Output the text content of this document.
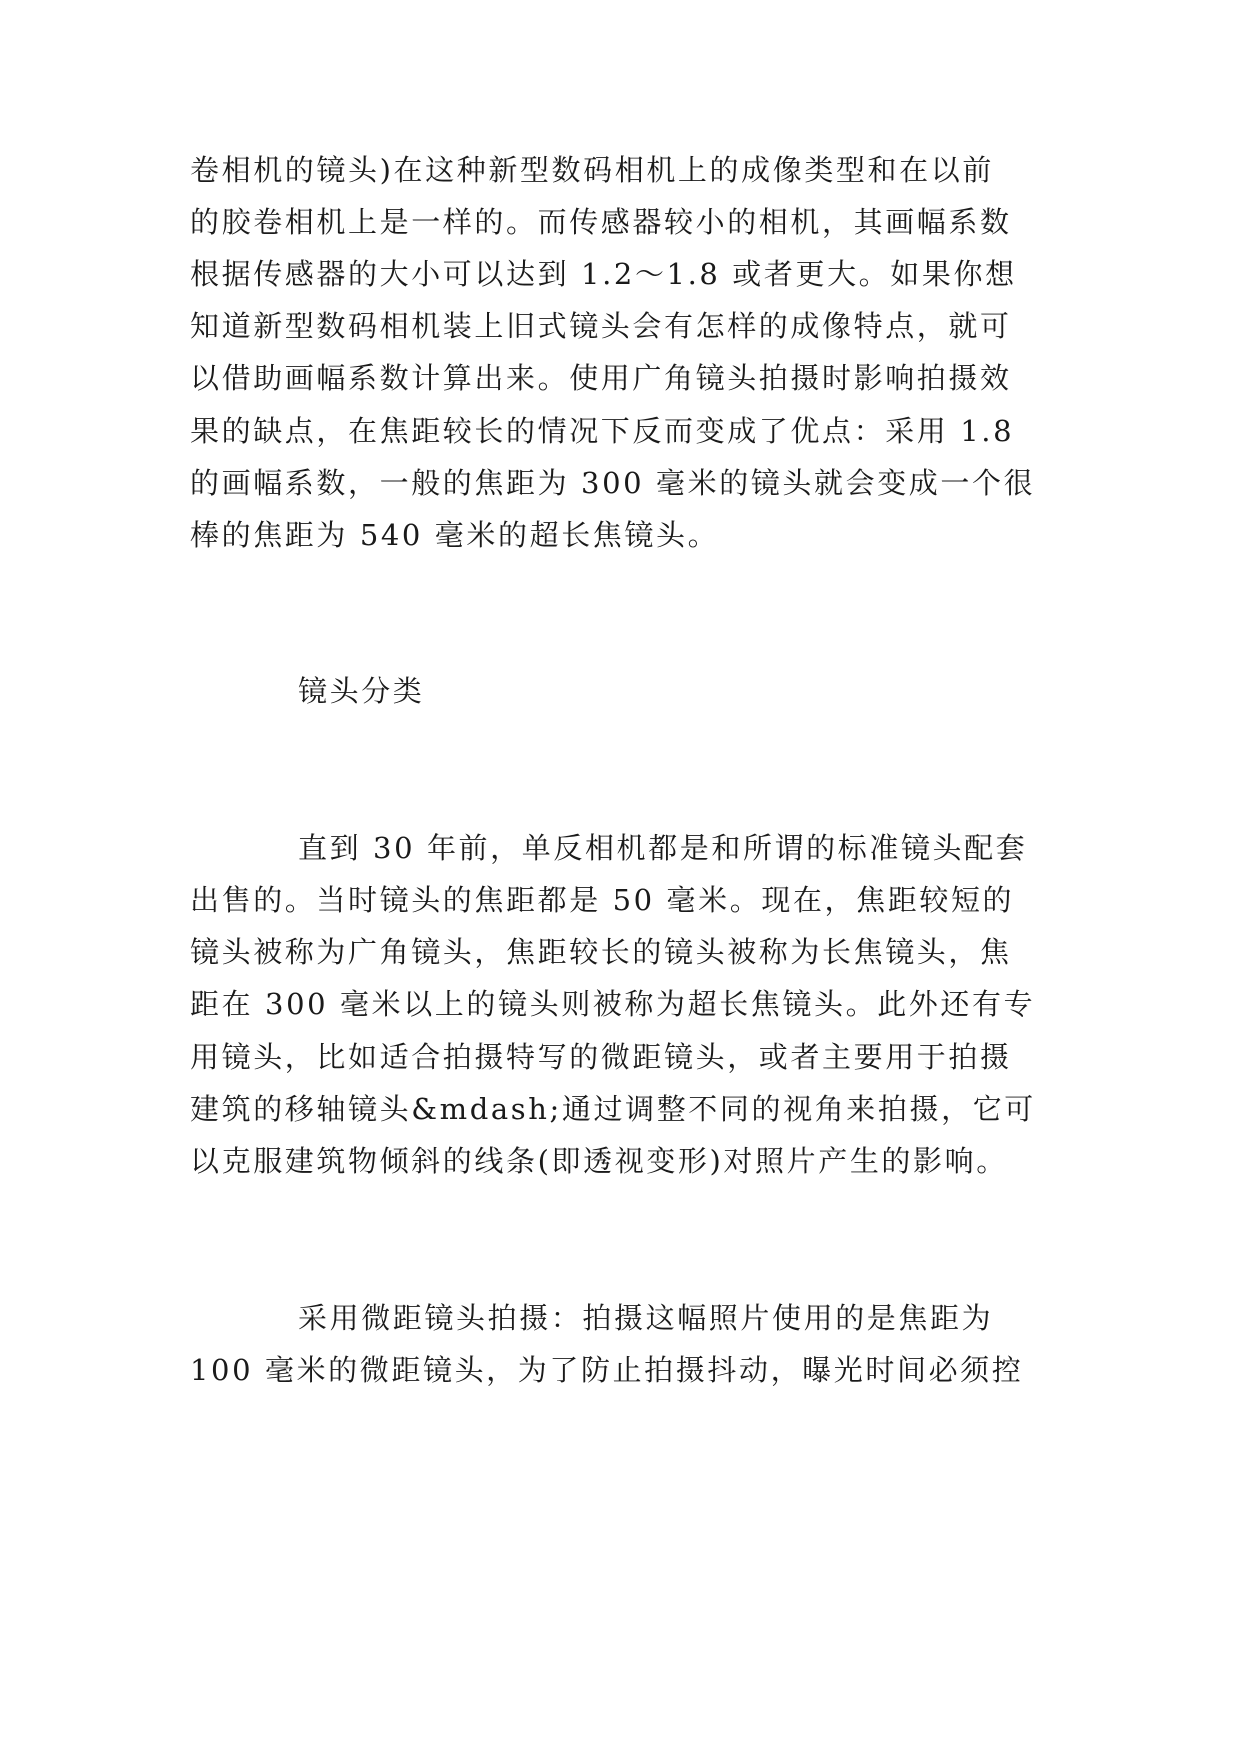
卷相机的镜头)在这种新型数码相机上的成像类型和在以前
的胶卷相机上是一样的。而传感器较小的相机，其画幅系数
根据传感器的大小可以达到 1.2～1.8 或者更大。如果你想
知道新型数码相机装上旧式镜头会有怎样的成像特点，就可
以借助画幅系数计算出来。使用广角镜头拍摄时影响拍摄效
果的缺点，在焦距较长的情况下反而变成了优点：采用 1.8
的画幅系数，一般的焦距为 300 毫米的镜头就会变成一个很
棒的焦距为 540 毫米的超长焦镜头。
镜头分类
直到 30 年前，单反相机都是和所谓的标准镜头配套
出售的。当时镜头的焦距都是 50 毫米。现在，焦距较短的
镜头被称为广角镜头，焦距较长的镜头被称为长焦镜头，焦
距在 300 毫米以上的镜头则被称为超长焦镜头。此外还有专
用镜头，比如适合拍摄特写的微距镜头，或者主要用于拍摄
建筑的移轴镜头&mdash;通过调整不同的视角来拍摄，它可
以克服建筑物倾斜的线条(即透视变形)对照片产生的影响。
采用微距镜头拍摄：拍摄这幅照片使用的是焦距为
100 毫米的微距镜头，为了防止拍摄抖动，曝光时间必须控
